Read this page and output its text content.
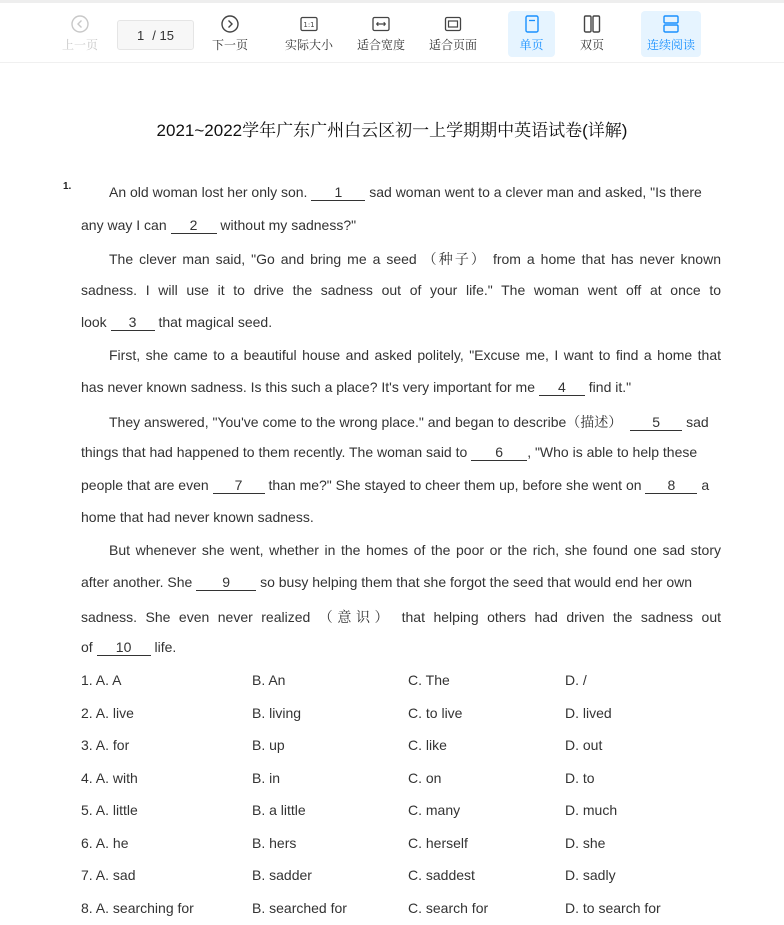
上一页
1 / 15
下一页
1:1
实际大小	适合宽度	适合页面	单页	双页	连续阅读
2021~2022学年广东广州白云区初一上学期期中英语试卷(详解)
1.	An old woman lost her only son. 1 sad woman went to a clever man and asked, "Is there
any way I can 2 without my sadness?"
The clever man said, "Go and bring me a seed （种子） from a home that has never known
sadness. I will use it to drive the sadness out of your life." The woman went off at once to
look 3 that magical seed.
First, she came to a beautiful house and asked politely, "Excuse me, I want to find a home that
has never known sadness. Is this such a place? It's very important for me 4 find it."
They answered, "You've come to the wrong place." and began to describe（描述） 5 sad
things that had happened to them recently. The woman said to 6 , "Who is able to help these
people that are even 7 than me?" She stayed to cheer them up, before she went on 8 a
home that had never known sadness.
But whenever she went, whether in the homes of the poor or the rich, she found one sad story
after another. She 9 so busy helping them that she forgot the seed that would end her own
sadness. She even never realized （意识） that helping others had driven the sadness out
of 10 life.
1. A. A	B. An	C. The	D. /
2. A. live	B. living	C. to live	D. lived
3. A. for	B. up	C. like	D. out
4. A. with	B. in	C. on	D. to
5. A. little	B. a little	C. many	D. much
6. A. he	B. hers	C. herself	D. she
7. A. sad	B. sadder	C. saddest	D. sadly
8. A. searching for	B. searched for	C. search for	D. to search for
